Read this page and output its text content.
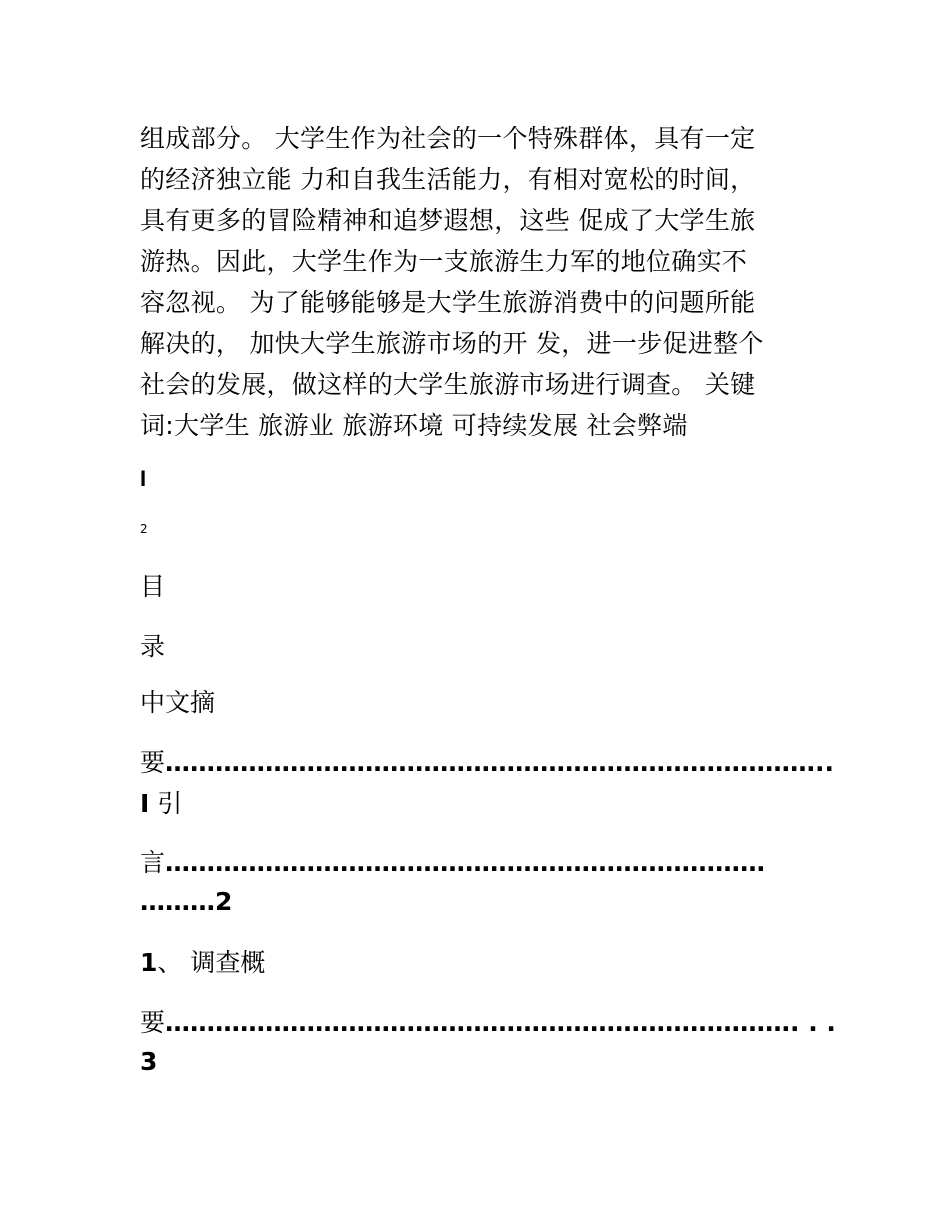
组成部分。 大学生作为社会的一个特殊群体，具有一定
的经济独立能 力和自我生活能力，有相对宽松的时间，
具有更多的冒险精神和追梦遐想，这些 促成了大学生旅
游热。因此，大学生作为一支旅游生力军的地位确实不
容忽视。 为了能够能够是大学生旅游消费中的问题所能
解决的， 加快大学生旅游市场的开 发，进一步促进整个
社会的发展，做这样的大学生旅游市场进行调查。 关键
词:大学生 旅游业 旅游环境 可持续发展 社会弊端
I
2
目
录
中文摘
要……………………………………………………………………..
I 引
言………………………………………………………………
………2
1、 调查概
要…………………………………………………………………. . .
3
